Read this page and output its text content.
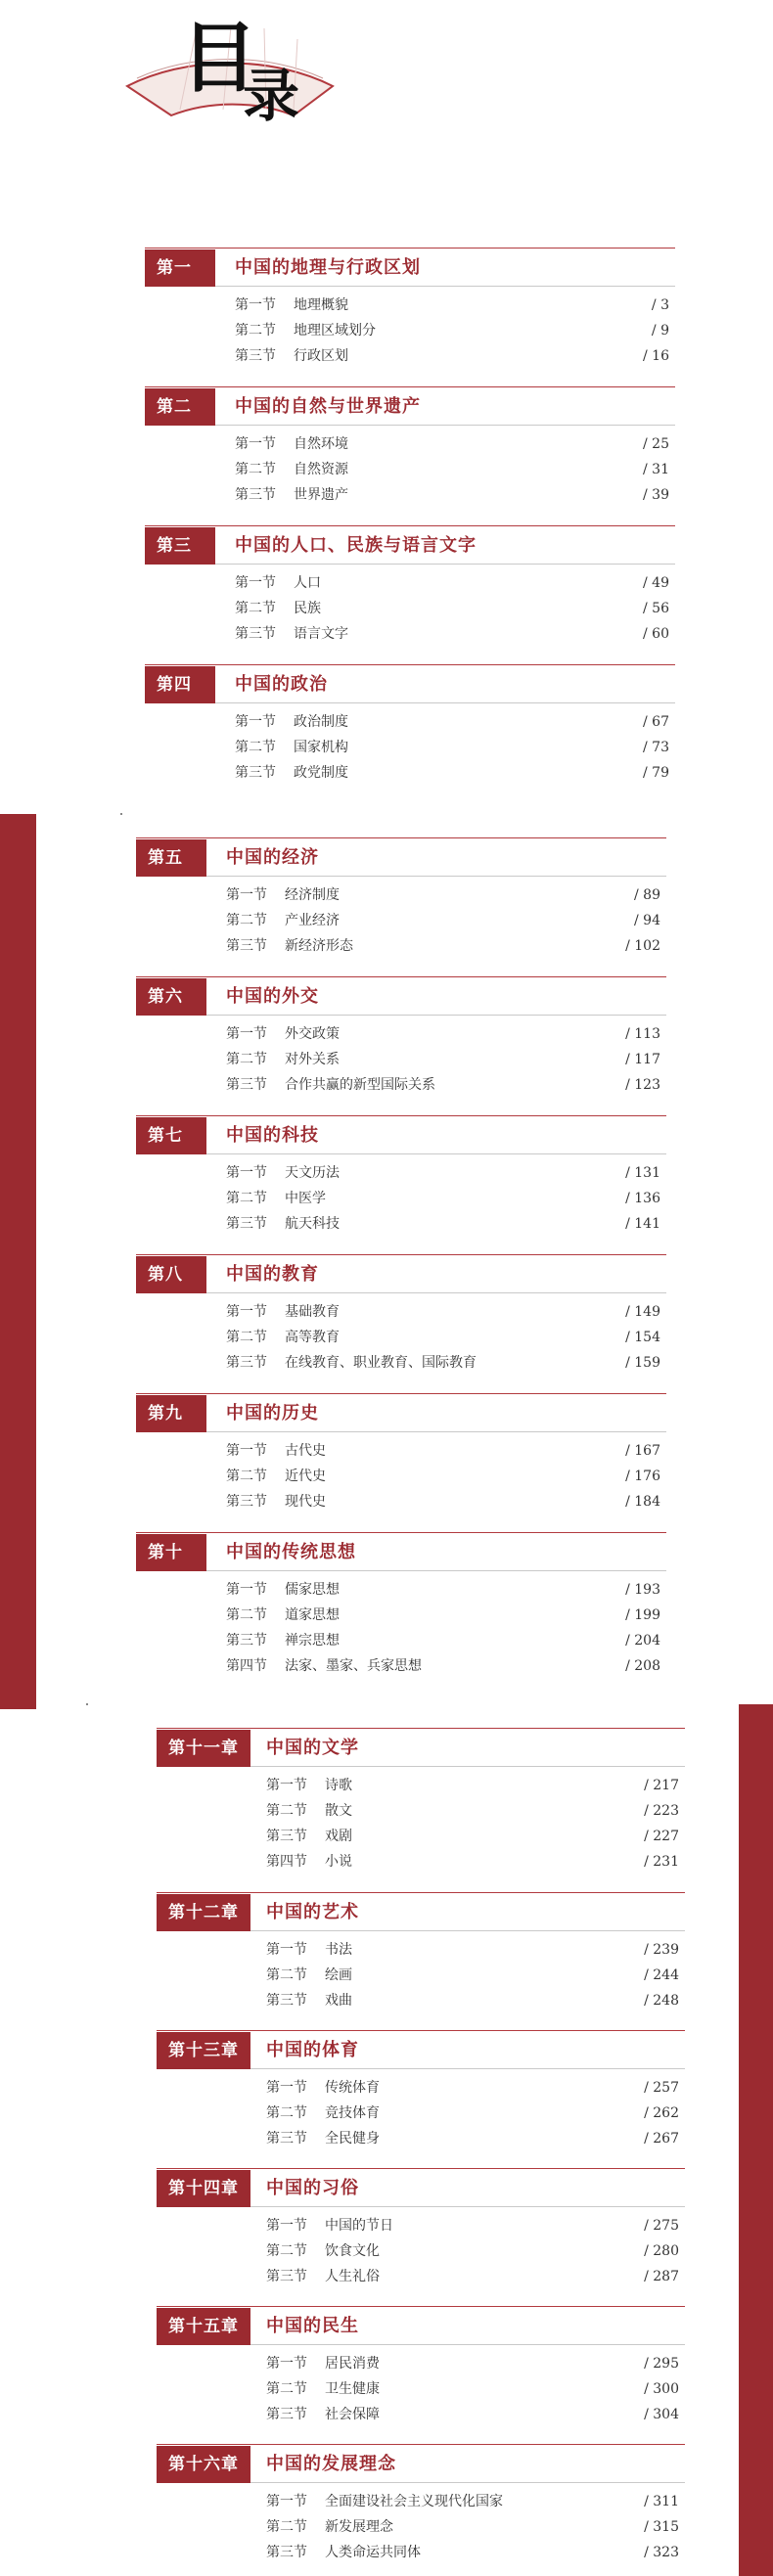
目
录
第一章
中国的地理与行政区划
第一节 地理概貌	/ 3
第二节 地理区域划分	/ 9
第三节 行政区划	/ 16
第二章
中国的自然与世界遗产
第一节 自然环境	/ 25
第二节 自然资源	/ 31
第三节 世界遗产	/ 39
第三章
中国的人口、民族与语言文字
第一节 人口	/ 49
第二节 民族	/ 56
第三节 语言文字	/ 60
第四章
中国的政治
第一节 政治制度	/ 67
第二节 国家机构	/ 73
第三节 政党制度	/ 79
第五章
中国的经济
第一节 经济制度	/ 89
第二节 产业经济	/ 94
第三节 新经济形态	/ 102
第六章
中国的外交
第一节 外交政策	/ 113
第二节 对外关系	/ 117
第三节 合作共赢的新型国际关系	/ 123
第七章
中国的科技
第一节 天文历法	/ 131
第二节 中医学	/ 136
第三节 航天科技	/ 141
第八章
中国的教育
第一节 基础教育	/ 149
第二节 高等教育	/ 154
第三节 在线教育、职业教育、国际教育	/ 159
第九章
中国的历史
第一节 古代史	/ 167
第二节 近代史	/ 176
第三节 现代史	/ 184
第十章
中国的传统思想
第一节 儒家思想	/ 193
第二节 道家思想	/ 199
第三节 禅宗思想	/ 204
第四节 法家、墨家、兵家思想	/ 208
第十一章	中国的文学
第一节 诗歌	/ 217
第二节 散文	/ 223
第三节 戏剧	/ 227
第四节 小说	/ 231
第十二章	中国的艺术
第一节 书法	/ 239
第二节 绘画	/ 244
第三节 戏曲	/ 248
第十三章	中国的体育
第一节 传统体育	/ 257
第二节 竞技体育	/ 262
第三节 全民健身	/ 267
第十四章	中国的习俗
第一节 中国的节日	/ 275
第二节 饮食文化	/ 280
第三节 人生礼俗	/ 287
第十五章	中国的民生
第一节 居民消费	/ 295
第二节 卫生健康	/ 300
第三节 社会保障	/ 304
第十六章	中国的发展理念
第一节 全面建设社会主义现代化国家	/ 311
第二节 新发展理念	/ 315
第三节 人类命运共同体	/ 323
